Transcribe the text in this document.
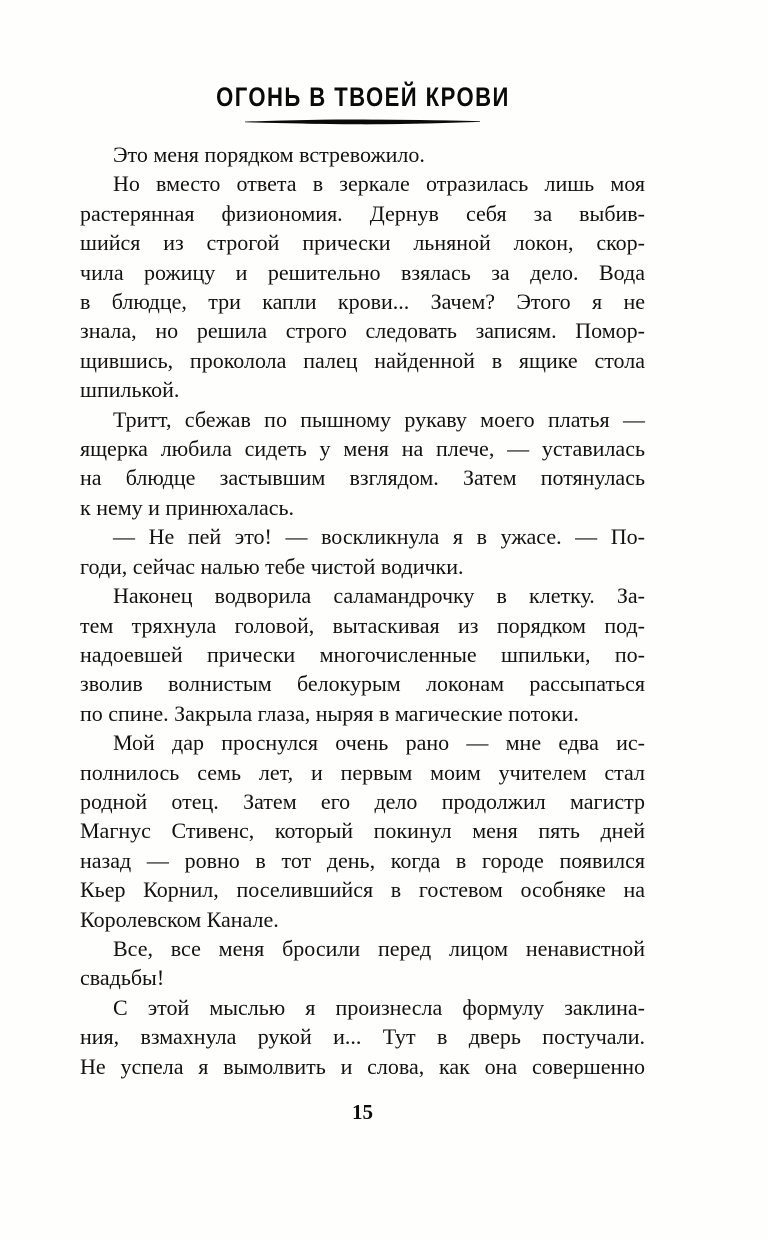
ОГОНЬ В ТВОЕЙ КРОВИ
Это меня порядком встревожило.
Но вместо ответа в зеркале отразилась лишь моя
растерянная физиономия. Дернув себя за выбив-
шийся из строгой прически льняной локон, скор-
чила рожицу и решительно взялась за дело. Вода
в блюдце, три капли крови... Зачем? Этого я не
знала, но решила строго следовать записям. Помор-
щившись, проколола палец найденной в ящике стола
шпилькой.
Тритт, сбежав по пышному рукаву моего платья —
ящерка любила сидеть у меня на плече, — уставилась
на блюдце застывшим взглядом. Затем потянулась
к нему и принюхалась.
— Не пей это! — воскликнула я в ужасе. — По-
годи, сейчас налью тебе чистой водички.
Наконец водворила саламандрочку в клетку. За-
тем тряхнула головой, вытаскивая из порядком под-
надоевшей прически многочисленные шпильки, по-
зволив волнистым белокурым локонам рассыпаться
по спине. Закрыла глаза, ныряя в магические потоки.
Мой дар проснулся очень рано — мне едва ис-
полнилось семь лет, и первым моим учителем стал
родной отец. Затем его дело продолжил магистр
Магнус Стивенс, который покинул меня пять дней
назад — ровно в тот день, когда в городе появился
Кьер Корнил, поселившийся в гостевом особняке на
Королевском Канале.
Все, все меня бросили перед лицом ненавистной
свадьбы!
С этой мыслью я произнесла формулу заклина-
ния, взмахнула рукой и... Тут в дверь постучали.
Не успела я вымолвить и слова, как она совершенно
15
